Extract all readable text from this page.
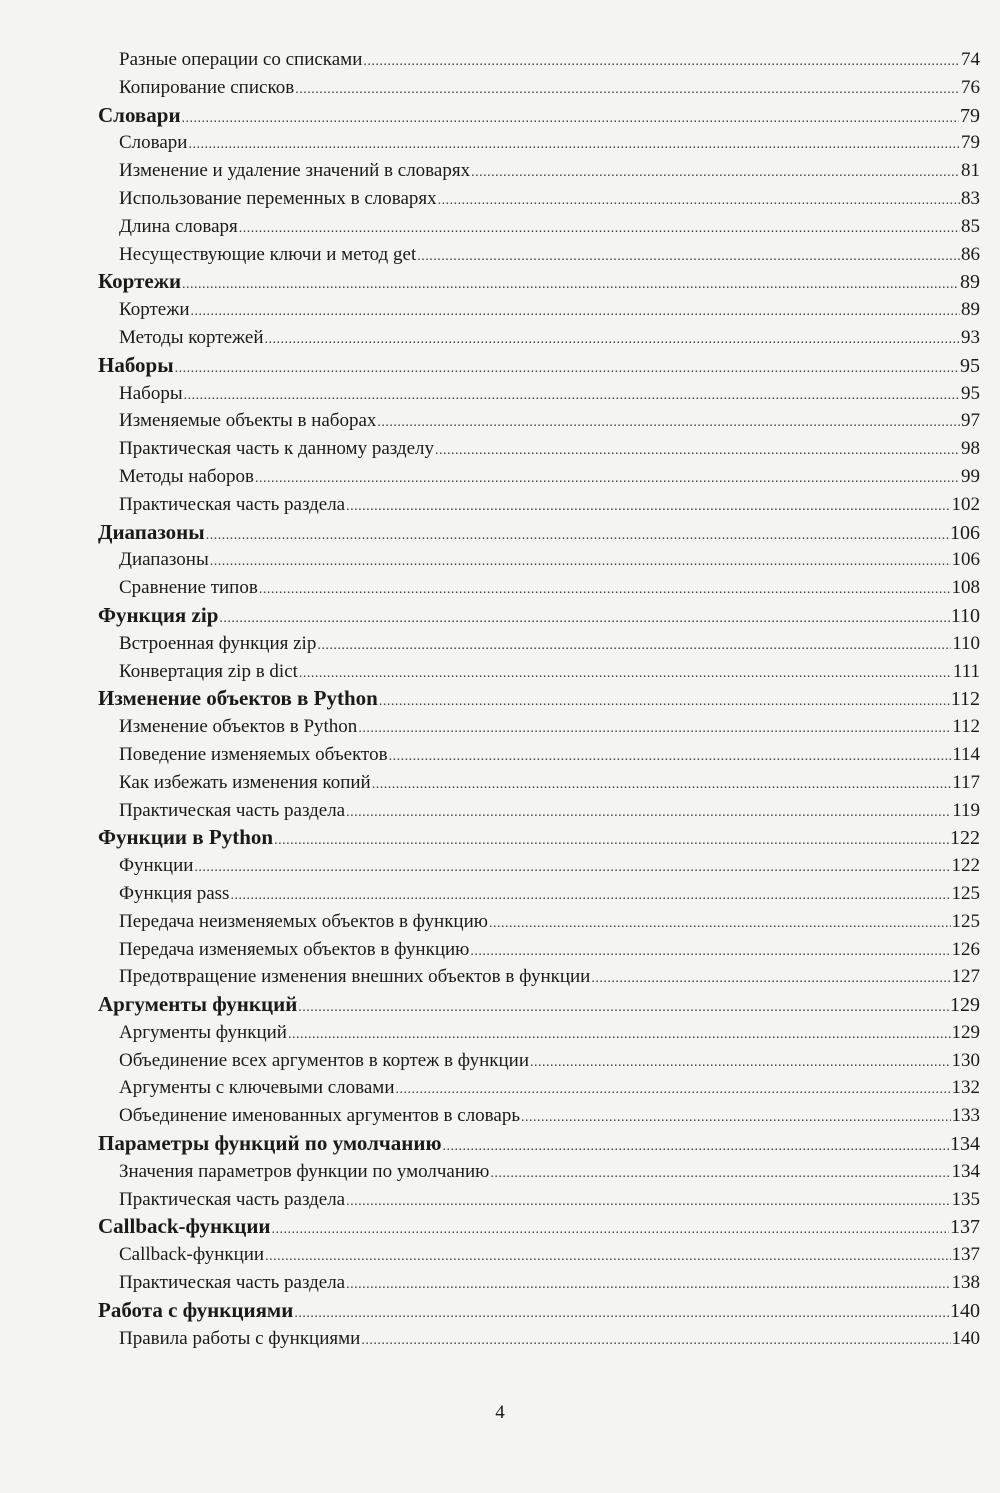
Разные операции со списками .....	74
Копирование списков .....	76
Словари .....	79
Словари .....	79
Изменение и удаление значений в словарях .....	81
Использование переменных в словарях .....	83
Длина словаря .....	85
Несуществующие ключи и метод get .....	86
Кортежи .....	89
Кортежи .....	89
Методы кортежей .....	93
Наборы .....	95
Наборы .....	95
Изменяемые объекты в наборах .....	97
Практическая часть к данному разделу .....	98
Методы наборов .....	99
Практическая часть раздела .....	102
Диапазоны .....	106
Диапазоны .....	106
Сравнение типов .....	108
Функция zip .....	110
Встроенная функция zip .....	110
Конвертация zip в dict .....	111
Изменение объектов в Python .....	112
Изменение объектов в Python .....	112
Поведение изменяемых объектов .....	114
Как избежать изменения копий .....	117
Практическая часть раздела .....	119
Функции в Python .....	122
Функции .....	122
Функция pass .....	125
Передача неизменяемых объектов в функцию .....	125
Передача изменяемых объектов в функцию .....	126
Предотвращение изменения внешних объектов в функции .....	127
Аргументы функций .....	129
Аргументы функций .....	129
Объединение всех аргументов в кортеж в функции .....	130
Аргументы с ключевыми словами .....	132
Объединение именованных аргументов в словарь .....	133
Параметры функций по умолчанию .....	134
Значения параметров функции по умолчанию .....	134
Практическая часть раздела .....	135
Callback-функции .....	137
Callback-функции .....	137
Практическая часть раздела .....	138
Работа с функциями .....	140
Правила работы с функциями .....	140
4
